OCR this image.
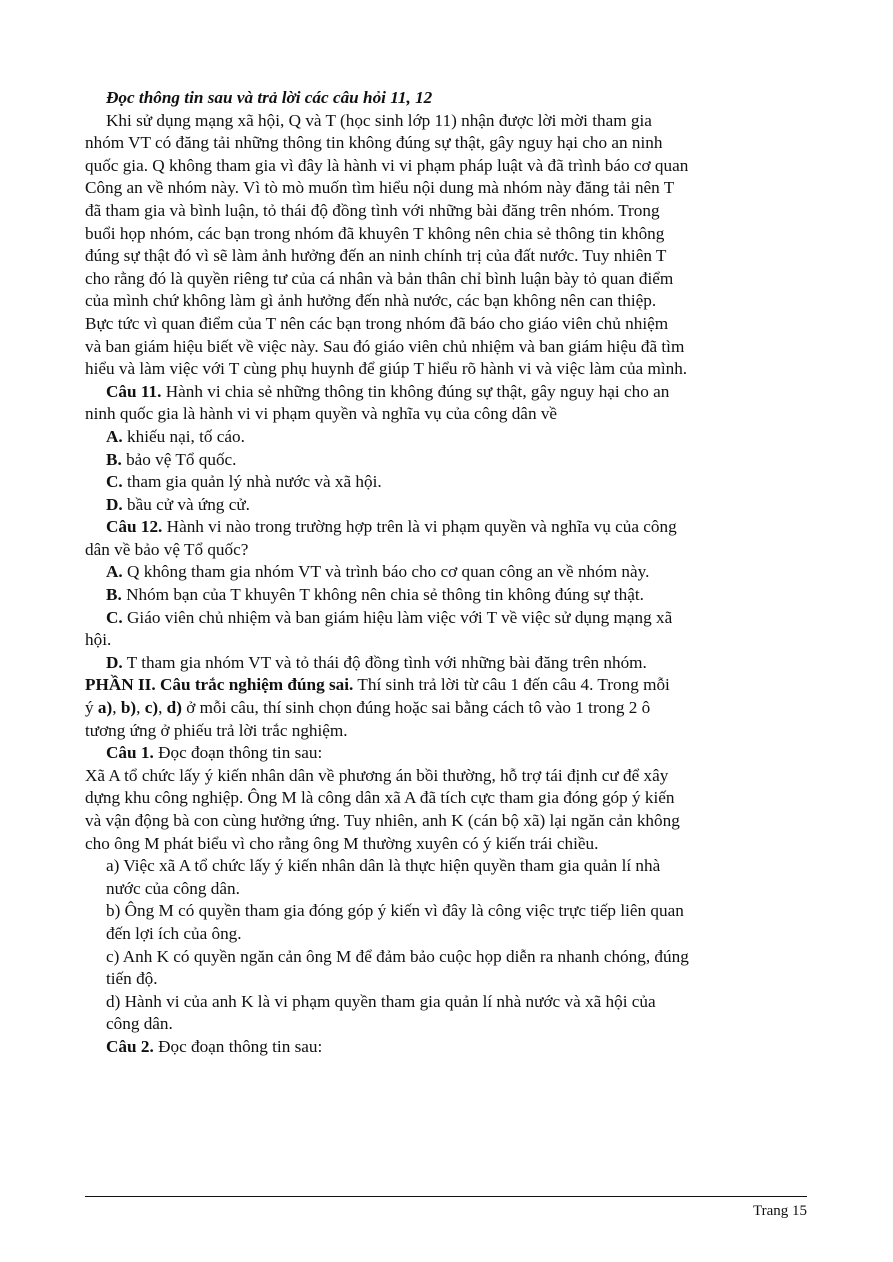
Đọc thông tin sau và trả lời các câu hỏi 11, 12

Khi sử dụng mạng xã hội, Q và T (học sinh lớp 11) nhận được lời mời tham gia

nhóm VT có đăng tải những thông tin không đúng sự thật, gây nguy hại cho an ninh

quốc gia. Q không tham gia vì đây là hành vi vi phạm pháp luật và đã trình báo cơ quan

Công an về nhóm này. Vì tò mò muốn tìm hiểu nội dung mà nhóm này đăng tải nên T

đã tham gia và bình luận, tỏ thái độ đồng tình với những bài đăng trên nhóm. Trong

buổi họp nhóm, các bạn trong nhóm đã khuyên T không nên chia sẻ thông tin không

đúng sự thật đó vì sẽ làm ảnh hưởng đến an ninh chính trị của đất nước. Tuy nhiên T

cho rằng đó là quyền riêng tư của cá nhân và bản thân chỉ bình luận bày tỏ quan điểm

của mình chứ không làm gì ảnh hưởng đến nhà nước, các bạn không nên can thiệp.

Bực tức vì quan điểm của T nên các bạn trong nhóm đã báo cho giáo viên chủ nhiệm

và ban giám hiệu biết về việc này. Sau đó giáo viên chủ nhiệm và ban giám hiệu đã tìm

hiểu và làm việc với T cùng phụ huynh để giúp T hiểu rõ hành vi và việc làm của mình.

Câu 11. Hành vi chia sẻ những thông tin không đúng sự thật, gây nguy hại cho an

ninh quốc gia là hành vi vi phạm quyền và nghĩa vụ của công dân về

A. khiếu nại, tố cáo.

B. bảo vệ Tổ quốc.

C. tham gia quản lý nhà nước và xã hội.

D. bầu cử và ứng cử.

Câu 12. Hành vi nào trong trường hợp trên là vi phạm quyền và nghĩa vụ của công

dân về bảo vệ Tổ quốc?

A. Q không tham gia nhóm VT và trình báo cho cơ quan công an về nhóm này.

B. Nhóm bạn của T khuyên T không nên chia sẻ thông tin không đúng sự thật.

C. Giáo viên chủ nhiệm và ban giám hiệu làm việc với T về việc sử dụng mạng xã

hội.

D. T tham gia nhóm VT và tỏ thái độ đồng tình với những bài đăng trên nhóm.

PHẦN II. Câu trắc nghiệm đúng sai. Thí sinh trả lời từ câu 1 đến câu 4. Trong mỗi

ý a), b), c), d) ở mỗi câu, thí sinh chọn đúng hoặc sai bằng cách tô vào 1 trong 2 ô

tương ứng ở phiếu trả lời trắc nghiệm.

Câu 1. Đọc đoạn thông tin sau:

Xã A tổ chức lấy ý kiến nhân dân về phương án bồi thường, hỗ trợ tái định cư để xây

dựng khu công nghiệp. Ông M là công dân xã A đã tích cực tham gia đóng góp ý kiến

và vận động bà con cùng hưởng ứng. Tuy nhiên, anh K (cán bộ xã) lại ngăn cản không

cho ông M phát biểu vì cho rằng ông M thường xuyên có ý kiến trái chiều.

a) Việc xã A tổ chức lấy ý kiến nhân dân là thực hiện quyền tham gia quản lí nhà

nước của công dân.

b) Ông M có quyền tham gia đóng góp ý kiến vì đây là công việc trực tiếp liên quan

đến lợi ích của ông.

c) Anh K có quyền ngăn cản ông M để đảm bảo cuộc họp diễn ra nhanh chóng, đúng

tiến độ.

d) Hành vi của anh K là vi phạm quyền tham gia quản lí nhà nước và xã hội của

công dân.

Câu 2. Đọc đoạn thông tin sau:

Trang 15
